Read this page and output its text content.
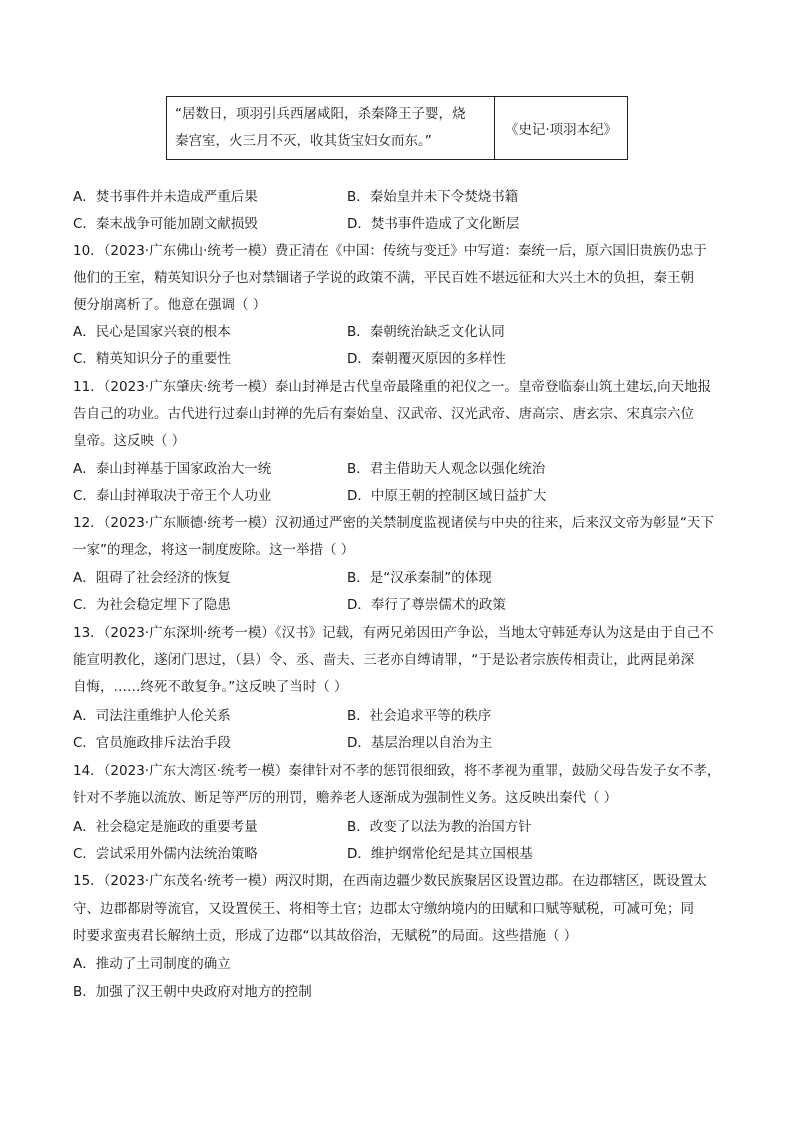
“居数日，项羽引兵西屠咸阳，杀秦降王子婴，烧
秦宫室，火三月不灭，收其货宝妇女而东。”
	《史记·项羽本纪》
A．焚书事件并未造成严重后果	B．秦始皇并未下令焚烧书籍
C．秦末战争可能加剧文献损毁	D．焚书事件造成了文化断层
10．（2023·广东佛山·统考一模）费正清在《中国：传统与变迁》中写道：秦统一后，原六国旧贵族仍忠于
他们的王室，精英知识分子也对禁锢诸子学说的政策不满，平民百姓不堪远征和大兴土木的负担，秦王朝
便分崩离析了。他意在强调（ ）
A．民心是国家兴衰的根本	B．秦朝统治缺乏文化认同
C．精英知识分子的重要性	D．秦朝覆灭原因的多样性
11．（2023·广东肇庆·统考一模）泰山封禅是古代皇帝最隆重的祀仪之一。皇帝登临泰山筑土建坛,向天地报
告自己的功业。古代进行过泰山封禅的先后有秦始皇、汉武帝、汉光武帝、唐高宗、唐玄宗、宋真宗六位
皇帝。这反映（ ）
A．泰山封禅基于国家政治大一统	B．君主借助天人观念以强化统治
C．泰山封禅取决于帝王个人功业	D．中原王朝的控制区域日益扩大
12．（2023·广东顺德·统考一模）汉初通过严密的关禁制度监视诸侯与中央的往来，后来汉文帝为彰显“天下
一家”的理念，将这一制度废除。这一举措（ ）
A．阻碍了社会经济的恢复	B．是“汉承秦制”的体现
C．为社会稳定埋下了隐患	D．奉行了尊崇儒术的政策
13．（2023·广东深圳·统考一模）《汉书》记载，有两兄弟因田产争讼，当地太守韩延寿认为这是由于自己不
能宣明教化，遂闭门思过，（县）令、丞、啬夫、三老亦自缚请罪，“于是讼者宗族传相责让，此两昆弟深
自悔，……终死不敢复争。”这反映了当时（ ）
A．司法注重维护人伦关系	B．社会追求平等的秩序
C．官员施政排斥法治手段	D．基层治理以自治为主
14．（2023·广东大湾区·统考一模）秦律针对不孝的惩罚很细致，将不孝视为重罪，鼓励父母告发子女不孝，
针对不孝施以流放、断足等严厉的刑罚，赡养老人逐渐成为强制性义务。这反映出秦代（ ）
A．社会稳定是施政的重要考量	B．改变了以法为教的治国方针
C．尝试采用外儒内法统治策略	D．维护纲常伦纪是其立国根基
15．（2023·广东茂名·统考一模）两汉时期，在西南边疆少数民族聚居区设置边郡。在边郡辖区，既设置太
守、边郡都尉等流官，又设置侯王、将相等土官；边郡太守缴纳境内的田赋和口赋等赋税，可减可免；同
时要求蛮夷君长解纳土贡，形成了边郡“以其故俗治，无赋税”的局面。这些措施（ ）
A．推动了土司制度的确立
B．加强了汉王朝中央政府对地方的控制
